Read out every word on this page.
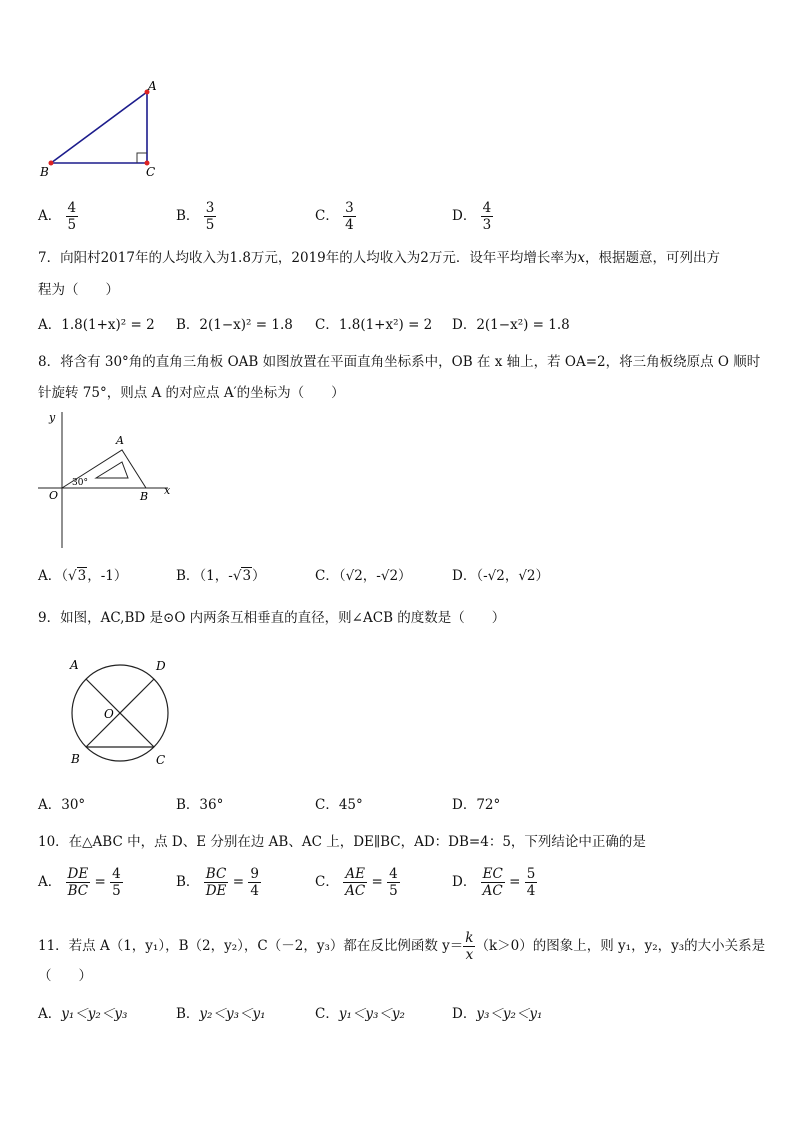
A
B	C
A． $\frac{4}{5}$	B． $\frac{3}{5}$	C． $\frac{3}{4}$	D． $\frac{4}{3}$
7．向阳村2017年的人均收入为1.8万元，2019年的人均收入为2万元．设年平均增长率为x，根据题意，可列出方
程为（　　）
A．1.8(1+x)² = 2 B．2(1−x)² = 1.8 C．1.8(1+x²) = 2 D．2(1−x²) = 1.8
8．将含有 30°角的直角三角板 OAB 如图放置在平面直角坐标系中，OB 在 x 轴上，若 OA=2，将三角板绕原点 O 顺时
针旋转 75°，则点 A 的对应点 A′的坐标为（　　）
y
x
O
A
B
30°
A．（√3，-1）	B．（1，-√3）	C．（√2，-√2）	D．（-√2，√2）
9．如图，AC,BD 是⊙O 内两条互相垂直的直径，则∠ACB 的度数是（　　）
A	D
O
B	C
A．30°	B．36°	C．45°	D．72°
10．在△ABC 中，点 D、E 分别在边 AB、AC 上，DE∥BC，AD：DB=4：5，下列结论中正确的是
A． $\frac{DE}{BC} = \frac{4}{5}$	B． $\frac{BC}{DE} = \frac{9}{4}$	C． $\frac{AE}{AC} = \frac{4}{5}$	D． $\frac{EC}{AC} = \frac{5}{4}$
11．若点 A（1，y₁），B（2，y₂），C（－2，y₃）都在反比例函数 $y= \frac{k}{x} (k>0)$的图象上，则 y₁，y₂，y₃的大小关系是
（　　）
A．y₁＜y₂＜y₃	B．y₂＜y₃＜y₁	C．y₁＜y₃＜y₂	D．y₃＜y₂＜y₁
